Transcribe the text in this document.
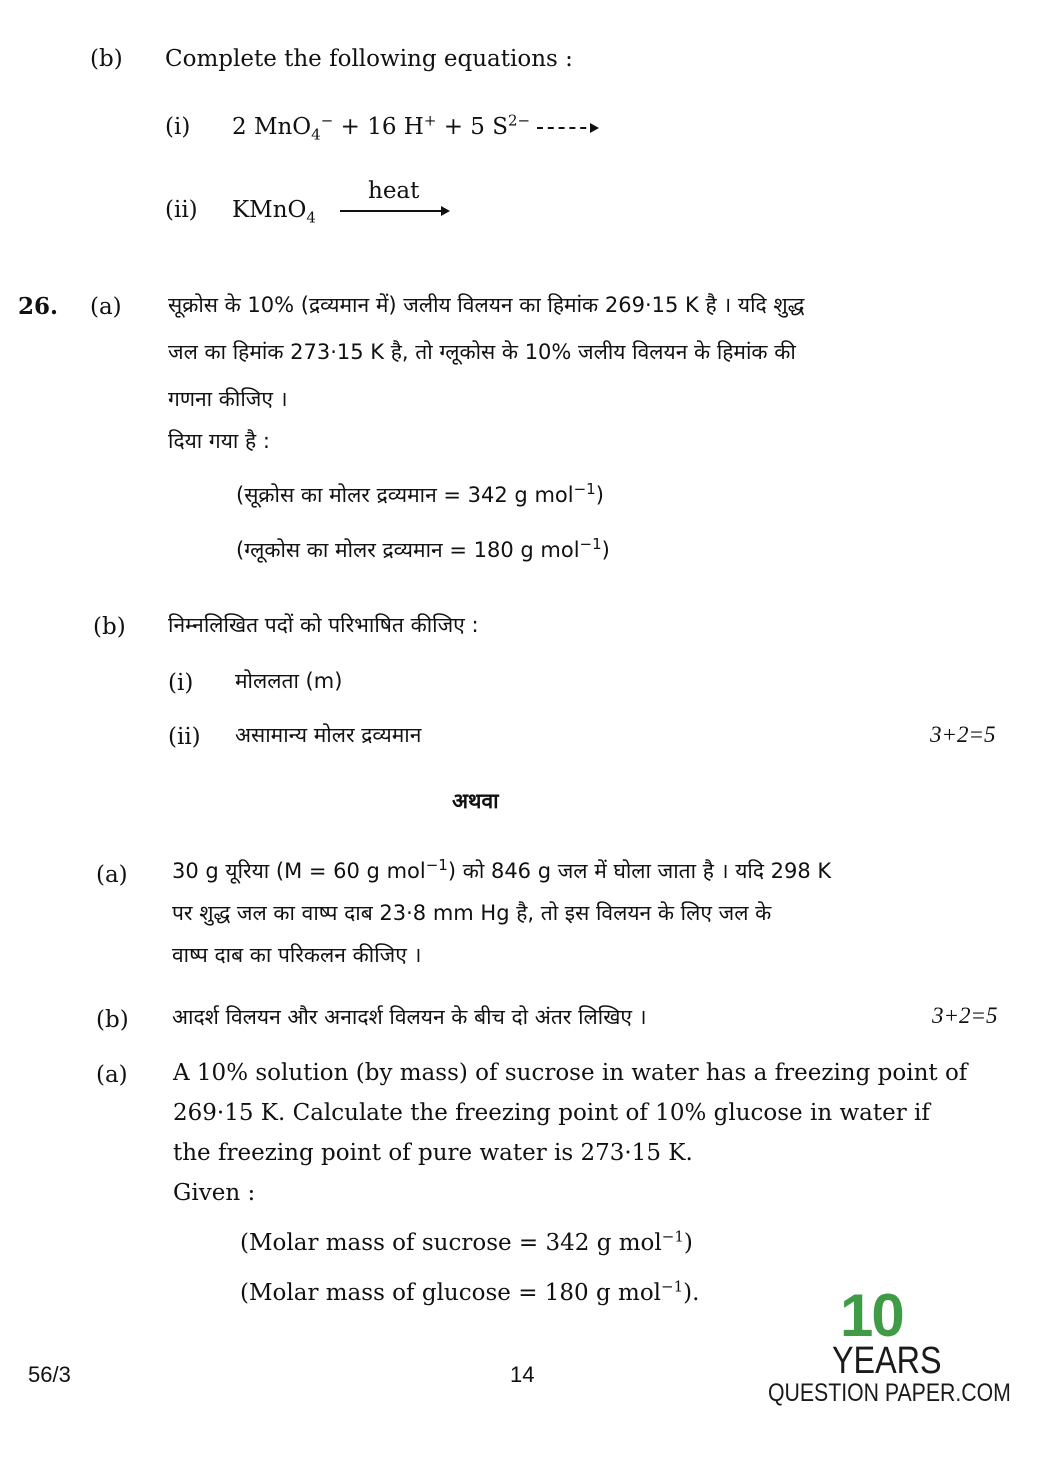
(b) Complete the following equations :
(i) 2 MnO$_4$− + 16 H+ + 5 $S^{2-}$ →
(ii) KMnO$_4$
heat
26. (a) सूक्रोस के 10% (द्रव्यमान में) जलीय विलयन का हिमांक 269·15 K है । यदि शुद्ध
जल का हिमांक 273·15 K है, तो ग्लूकोस के 10% जलीय विलयन के हिमांक की
गणना कीजिए ।
दिया गया है :
(सूक्रोस का मोलर द्रव्यमान = 342 g mol$^{-1}$)
(ग्लूकोस का मोलर द्रव्यमान = 180 g mol$^{-1}$)
(b) निम्नलिखित पदों को परिभाषित कीजिए :
(i) मोललता (m)
(ii) असामान्य मोलर द्रव्यमान	3+2=5
अथवा
(a) 30 g यूरिया (M = 60 g mol$^{-1}$) को 846 g जल में घोला जाता है । यदि 298 K
पर शुद्ध जल का वाष्प दाब 23·8 mm Hg है, तो इस विलयन के लिए जल के
वाष्प दाब का परिकलन कीजिए ।
(b) आदर्श विलयन और अनादर्श विलयन के बीच दो अंतर लिखिए ।	3+2=5
(a) A 10% solution (by mass) of sucrose in water has a freezing point of
269·15 K. Calculate the freezing point of 10% glucose in water if
the freezing point of pure water is 273·15 K.
Given :
(Molar mass of sucrose = 342 g mol$^{-1}$)
(Molar mass of glucose = 180 g mol$^{-1}$).
56/3	14
10
YEARS
QUESTION PAPER.COM
